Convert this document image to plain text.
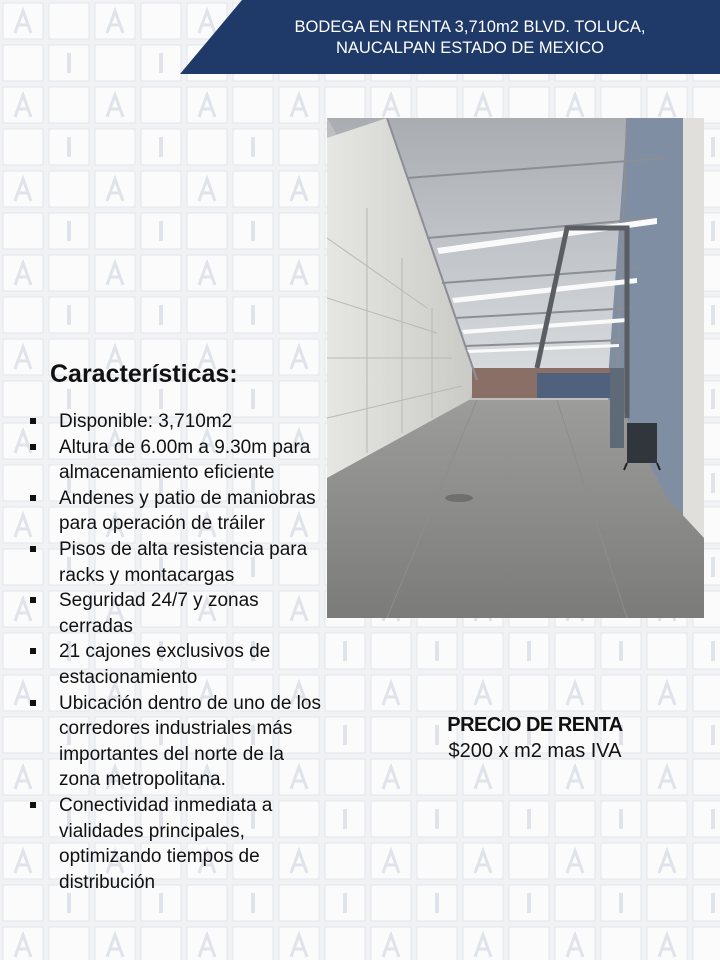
BODEGA EN RENTA 3,710m2 BLVD. TOLUCA,
NAUCALPAN ESTADO DE MEXICO
Características:
Disponible: 3,710m2
Altura de 6.00m a 9.30m para almacenamiento eficiente
Andenes y patio de maniobras para operación de tráiler
Pisos de alta resistencia para racks y montacargas
Seguridad 24/7 y zonas cerradas
21 cajones exclusivos de estacionamiento
Ubicación dentro de uno de los corredores industriales más importantes del norte de la zona metropolitana.
Conectividad inmediata a vialidades principales, optimizando tiempos de distribución
PRECIO DE RENTA
$200 x m2 mas IVA
